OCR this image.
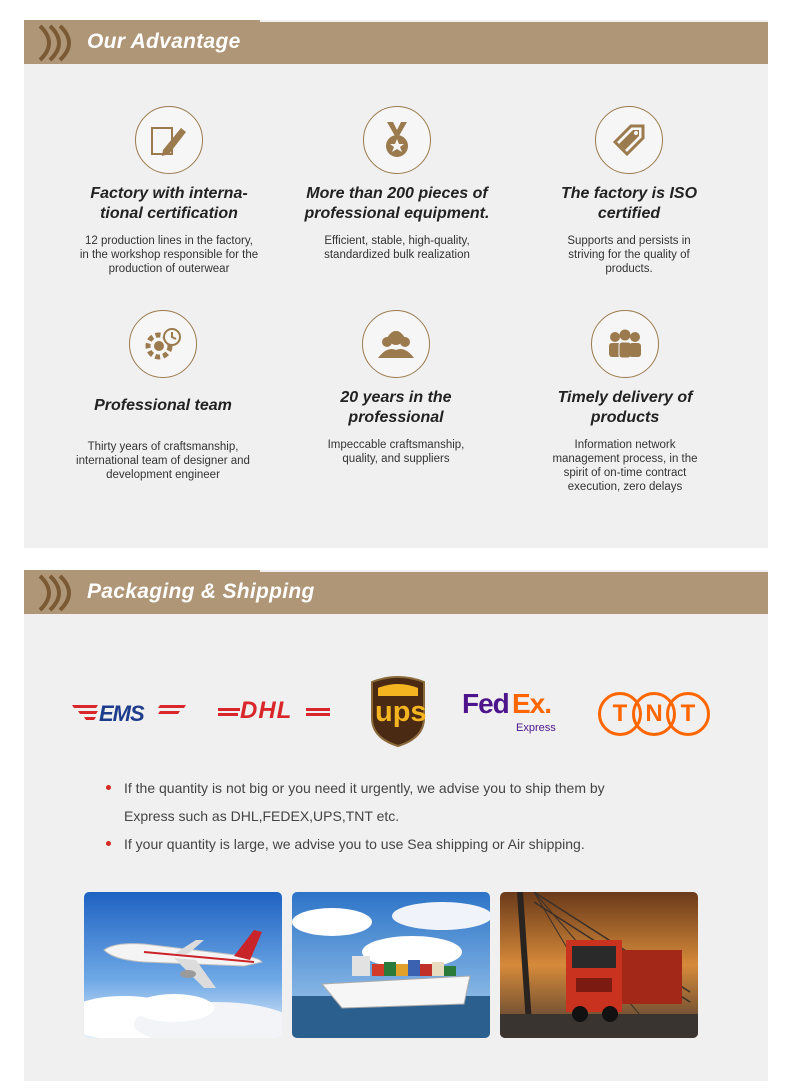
Our Advantage
Factory with interna-
tional certification

12 production lines in the factory,
in the workshop responsible for the
production of outerwear

More than 200 pieces of
professional equipment.

Efficient, stable, high-quality,
standardized bulk realization

The factory is ISO
certified

Supports and persists in
striving for the quality of
products.

Professional team

Thirty years of craftsmanship,
international team of designer and
development engineer

20 years in the
professional

Impeccable craftsmanship,
quality, and suppliers

Timely delivery of
products

Information network
management process, in the
spirit of on-time contract
execution, zero delays

Packaging & Shipping
EMS	DHL	ups Fed Ex.
Express
T N T
If the quantity is not big or you need it urgently, we advise you to ship them by
Express such as DHL,FEDEX,UPS,TNT etc.
If your quantity is large, we advise you to use Sea shipping or Air shipping.
